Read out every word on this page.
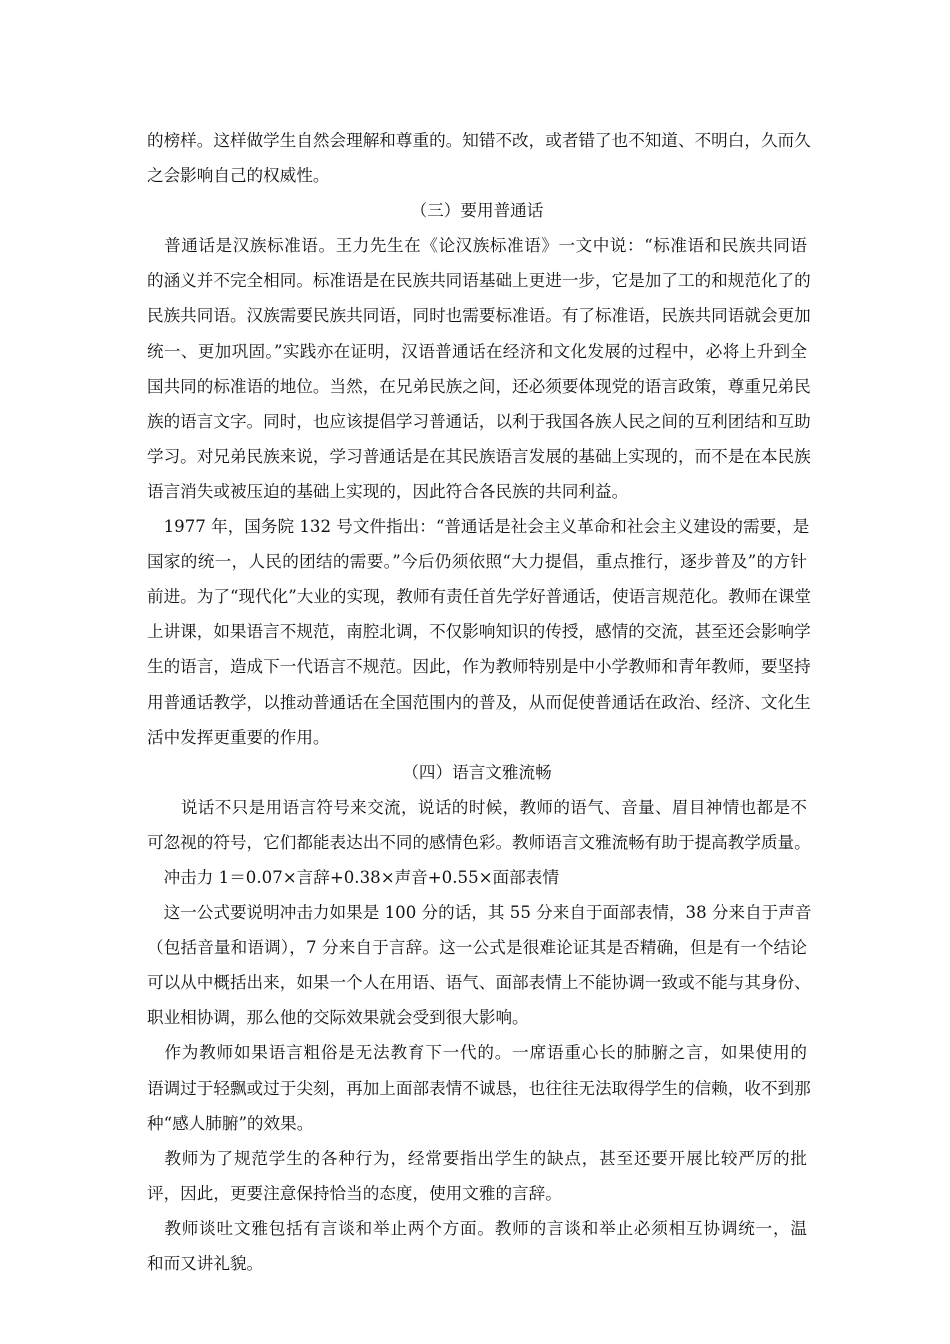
的榜样。这样做学生自然会理解和尊重的。知错不改，或者错了也不知道、不明白，久而久
之会影响自己的权威性。
（三）要用普通话
　普通话是汉族标准语。王力先生在《论汉族标准语》一文中说：“标准语和民族共同语
的涵义并不完全相同。标准语是在民族共同语基础上更进一步，它是加了工的和规范化了的
民族共同语。汉族需要民族共同语，同时也需要标准语。有了标准语，民族共同语就会更加
统一、更加巩固。”实践亦在证明，汉语普通话在经济和文化发展的过程中，必将上升到全
国共同的标准语的地位。当然，在兄弟民族之间，还必须要体现党的语言政策，尊重兄弟民
族的语言文字。同时，也应该提倡学习普通话，以利于我国各族人民之间的互利团结和互助
学习。对兄弟民族来说，学习普通话是在其民族语言发展的基础上实现的，而不是在本民族
语言消失或被压迫的基础上实现的，因此符合各民族的共同利益。
　1977 年，国务院 132 号文件指出：“普通话是社会主义革命和社会主义建设的需要，是
国家的统一，人民的团结的需要。”今后仍须依照“大力提倡，重点推行，逐步普及”的方针
前进。为了“现代化”大业的实现，教师有责任首先学好普通话，使语言规范化。教师在课堂
上讲课，如果语言不规范，南腔北调，不仅影响知识的传授，感情的交流，甚至还会影响学
生的语言，造成下一代语言不规范。因此，作为教师特别是中小学教师和青年教师，要坚持
用普通话教学，以推动普通话在全国范围内的普及，从而促使普通话在政治、经济、文化生
活中发挥更重要的作用。
（四）语言文雅流畅
　　说话不只是用语言符号来交流，说话的时候，教师的语气、音量、眉目神情也都是不
可忽视的符号，它们都能表达出不同的感情色彩。教师语言文雅流畅有助于提高教学质量。
　冲击力 1＝0.07×言辞+0.38×声音+0.55×面部表情
　这一公式要说明冲击力如果是 100 分的话，其 55 分来自于面部表情，38 分来自于声音
（包括音量和语调），7 分来自于言辞。这一公式是很难论证其是否精确，但是有一个结论
可以从中概括出来，如果一个人在用语、语气、面部表情上不能协调一致或不能与其身份、
职业相协调，那么他的交际效果就会受到很大影响。
　作为教师如果语言粗俗是无法教育下一代的。一席语重心长的肺腑之言，如果使用的
语调过于轻飘或过于尖刻，再加上面部表情不诚恳，也往往无法取得学生的信赖，收不到那
种“感人肺腑”的效果。
　教师为了规范学生的各种行为，经常要指出学生的缺点，甚至还要开展比较严厉的批
评，因此，更要注意保持恰当的态度，使用文雅的言辞。
　教师谈吐文雅包括有言谈和举止两个方面。教师的言谈和举止必须相互协调统一，温
和而又讲礼貌。
